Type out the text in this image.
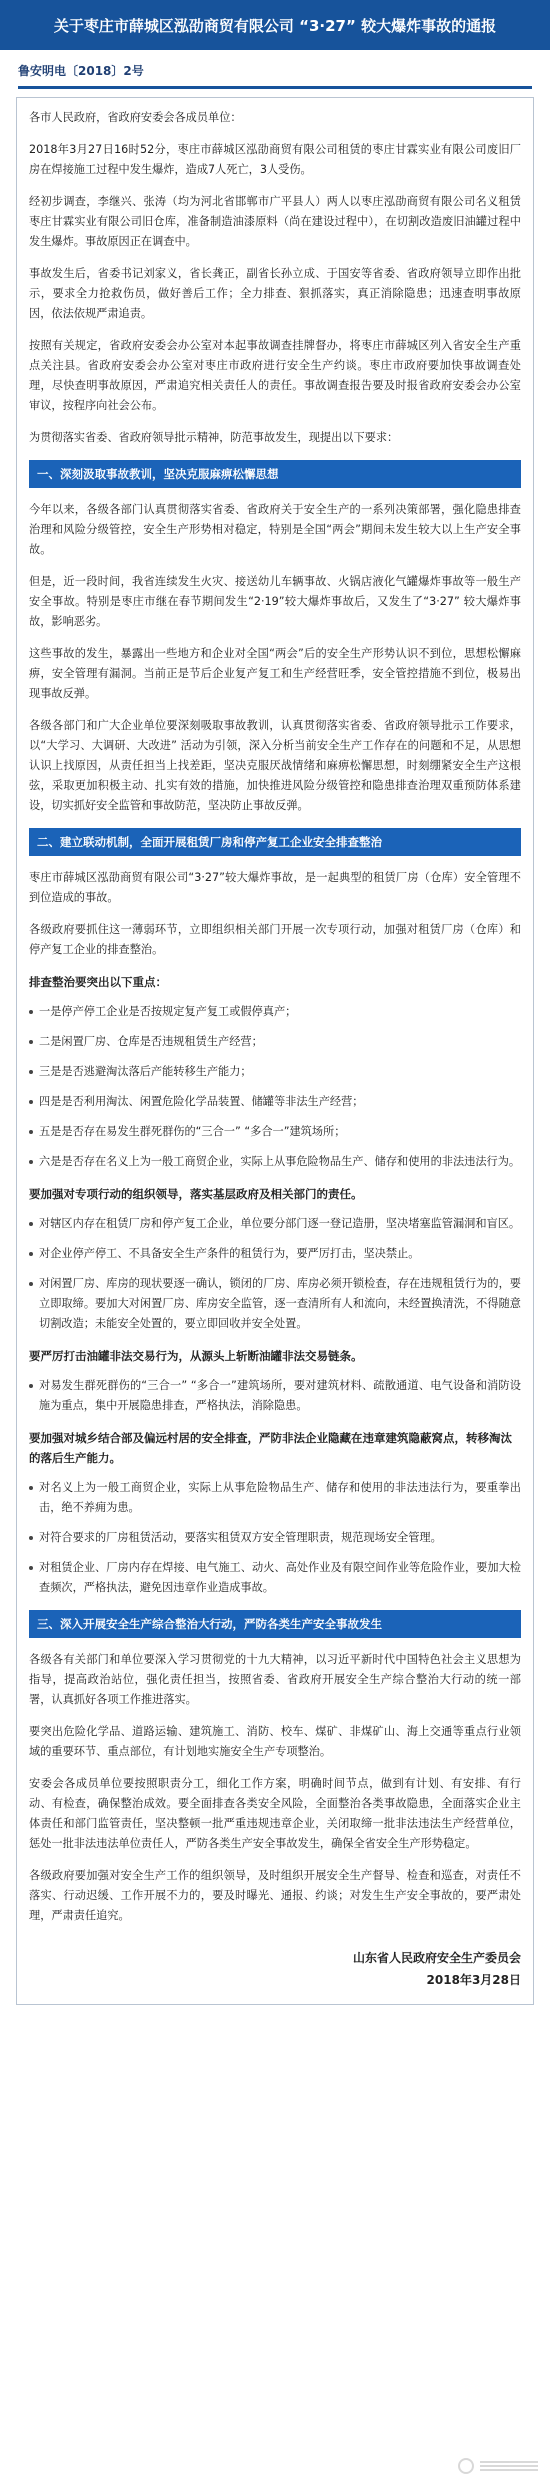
关于枣庄市薛城区泓劭商贸有限公司 “3·27” 较大爆炸事故的通报
鲁安明电〔2018〕2号

各市人民政府，省政府安委会各成员单位：

2018年3月27日16时52分，枣庄市薛城区泓劭商贸有限公司租赁的枣庄甘霖实业有限公司废旧厂房在焊接施工过程中发生爆炸，造成7人死亡，3人受伤。

经初步调查，李继兴、张涛（均为河北省邯郸市广平县人）两人以枣庄泓劭商贸有限公司名义租赁枣庄甘霖实业有限公司旧仓库，准备制造油漆原料（尚在建设过程中），在切割改造废旧油罐过程中发生爆炸。事故原因正在调查中。

事故发生后，省委书记刘家义，省长龚正，副省长孙立成、于国安等省委、省政府领导立即作出批示，要求全力抢救伤员，做好善后工作；全力排查、狠抓落实，真正消除隐患；迅速查明事故原因，依法依规严肃追责。

按照有关规定，省政府安委会办公室对本起事故调查挂牌督办，将枣庄市薛城区列入省安全生产重点关注县。省政府安委会办公室对枣庄市政府进行安全生产约谈。枣庄市政府要加快事故调查处理，尽快查明事故原因，严肃追究相关责任人的责任。事故调查报告要及时报省政府安委会办公室审议，按程序向社会公布。

为贯彻落实省委、省政府领导批示精神，防范事故发生，现提出以下要求：

一、深刻汲取事故教训，坚决克服麻痹松懈思想

今年以来，各级各部门认真贯彻落实省委、省政府关于安全生产的一系列决策部署，强化隐患排查治理和风险分级管控，安全生产形势相对稳定，特别是全国“两会”期间未发生较大以上生产安全事故。

但是，近一段时间，我省连续发生火灾、接送幼儿车辆事故、火锅店液化气罐爆炸事故等一般生产安全事故。特别是枣庄市继在春节期间发生“2·19”较大爆炸事故后，又发生了“3·27” 较大爆炸事故，影响恶劣。

这些事故的发生，暴露出一些地方和企业对全国“两会”后的安全生产形势认识不到位，思想松懈麻痹，安全管理有漏洞。当前正是节后企业复产复工和生产经营旺季，安全管控措施不到位，极易出现事故反弹。

各级各部门和广大企业单位要深刻吸取事故教训，认真贯彻落实省委、省政府领导批示工作要求，以“大学习、大调研、大改进” 活动为引领，深入分析当前安全生产工作存在的问题和不足，从思想认识上找原因，从责任担当上找差距，坚决克服厌战情绪和麻痹松懈思想，时刻绷紧安全生产这根弦，采取更加积极主动、扎实有效的措施，加快推进风险分级管控和隐患排查治理双重预防体系建设，切实抓好安全监管和事故防范，坚决防止事故反弹。

二、建立联动机制，全面开展租赁厂房和停产复工企业安全排查整治

枣庄市薛城区泓劭商贸有限公司“3·27”较大爆炸事故，是一起典型的租赁厂房（仓库）安全管理不到位造成的事故。

各级政府要抓住这一薄弱环节，立即组织相关部门开展一次专项行动，加强对租赁厂房（仓库）和停产复工企业的排查整治。

排查整治要突出以下重点：
一是停产停工企业是否按规定复产复工或假停真产；
二是闲置厂房、仓库是否违规租赁生产经营；
三是是否逃避淘汰落后产能转移生产能力；
四是是否利用淘汰、闲置危险化学品装置、储罐等非法生产经营；
五是是否存在易发生群死群伤的“三合一” “多合一”建筑场所；
六是是否存在名义上为一般工商贸企业，实际上从事危险物品生产、储存和使用的非法违法行为。
要加强对专项行动的组织领导，落实基层政府及相关部门的责任。
对辖区内存在租赁厂房和停产复工企业，单位要分部门逐一登记造册，坚决堵塞监管漏洞和盲区。
对企业停产停工、不具备安全生产条件的租赁行为，要严厉打击，坚决禁止。
对闲置厂房、库房的现状要逐一确认，锁闭的厂房、库房必须开锁检查，存在违规租赁行为的，要立即取缔。要加大对闲置厂房、库房安全监管，逐一查清所有人和流向，未经置换清洗，不得随意切割改造；未能安全处置的，要立即回收并安全处置。
要严厉打击油罐非法交易行为，从源头上斩断油罐非法交易链条。
对易发生群死群伤的“三合一” “多合一”建筑场所，要对建筑材料、疏散通道、电气设备和消防设施为重点，集中开展隐患排查，严格执法，消除隐患。
要加强对城乡结合部及偏远村居的安全排查，严防非法企业隐藏在违章建筑隐蔽窝点，转移淘汰的落后生产能力。
对名义上为一般工商贸企业，实际上从事危险物品生产、储存和使用的非法违法行为，要重拳出击，绝不养痈为患。
对符合要求的厂房租赁活动，要落实租赁双方安全管理职责，规范现场安全管理。
对租赁企业、厂房内存在焊接、电气施工、动火、高处作业及有限空间作业等危险作业，要加大检查频次，严格执法，避免因违章作业造成事故。
三、深入开展安全生产综合整治大行动，严防各类生产安全事故发生

各级各有关部门和单位要深入学习贯彻党的十九大精神，以习近平新时代中国特色社会主义思想为指导，提高政治站位，强化责任担当，按照省委、省政府开展安全生产综合整治大行动的统一部署，认真抓好各项工作推进落实。

要突出危险化学品、道路运输、建筑施工、消防、校车、煤矿、非煤矿山、海上交通等重点行业领域的重要环节、重点部位，有计划地实施安全生产专项整治。

安委会各成员单位要按照职责分工，细化工作方案，明确时间节点，做到有计划、有安排、有行动、有检查，确保整治成效。要全面排查各类安全风险，全面整治各类事故隐患，全面落实企业主体责任和部门监管责任，坚决整顿一批严重违规违章企业，关闭取缔一批非法违法生产经营单位，惩处一批非法违法单位责任人，严防各类生产安全事故发生，确保全省安全生产形势稳定。

各级政府要加强对安全生产工作的组织领导，及时组织开展安全生产督导、检查和巡查，对责任不落实、行动迟缓、工作开展不力的，要及时曝光、通报、约谈；对发生生产安全事故的，要严肃处理，严肃责任追究。

山东省人民政府安全生产委员会
2018年3月28日
